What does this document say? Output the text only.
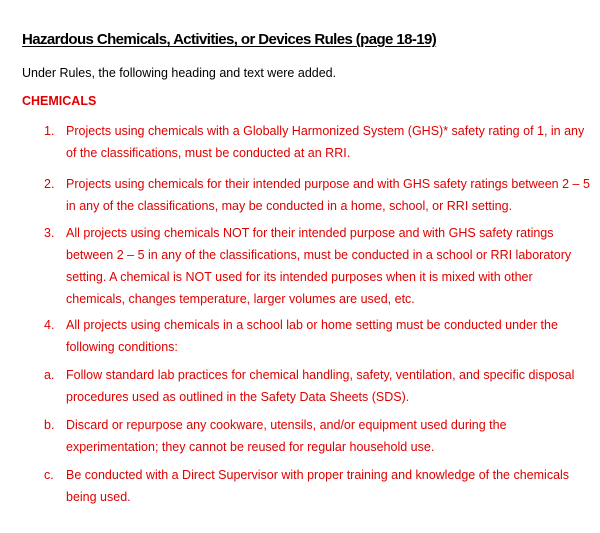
Hazardous Chemicals, Activities, or Devices Rules (page 18-19)
Under Rules, the following heading and text were added.
CHEMICALS
1. Projects using chemicals with a Globally Harmonized System (GHS)* safety rating of 1, in any of the classifications, must be conducted at an RRI.
2. Projects using chemicals for their intended purpose and with GHS safety ratings between 2 – 5 in any of the classifications, may be conducted in a home, school, or RRI setting.
3. All projects using chemicals NOT for their intended purpose and with GHS safety ratings between 2 – 5 in any of the classifications, must be conducted in a school or RRI laboratory setting. A chemical is NOT used for its intended purposes when it is mixed with other chemicals, changes temperature, larger volumes are used, etc.
4. All projects using chemicals in a school lab or home setting must be conducted under the following conditions:
a. Follow standard lab practices for chemical handling, safety, ventilation, and specific disposal procedures used as outlined in the Safety Data Sheets (SDS).
b. Discard or repurpose any cookware, utensils, and/or equipment used during the experimentation; they cannot be reused for regular household use.
c. Be conducted with a Direct Supervisor with proper training and knowledge of the chemicals being used.
